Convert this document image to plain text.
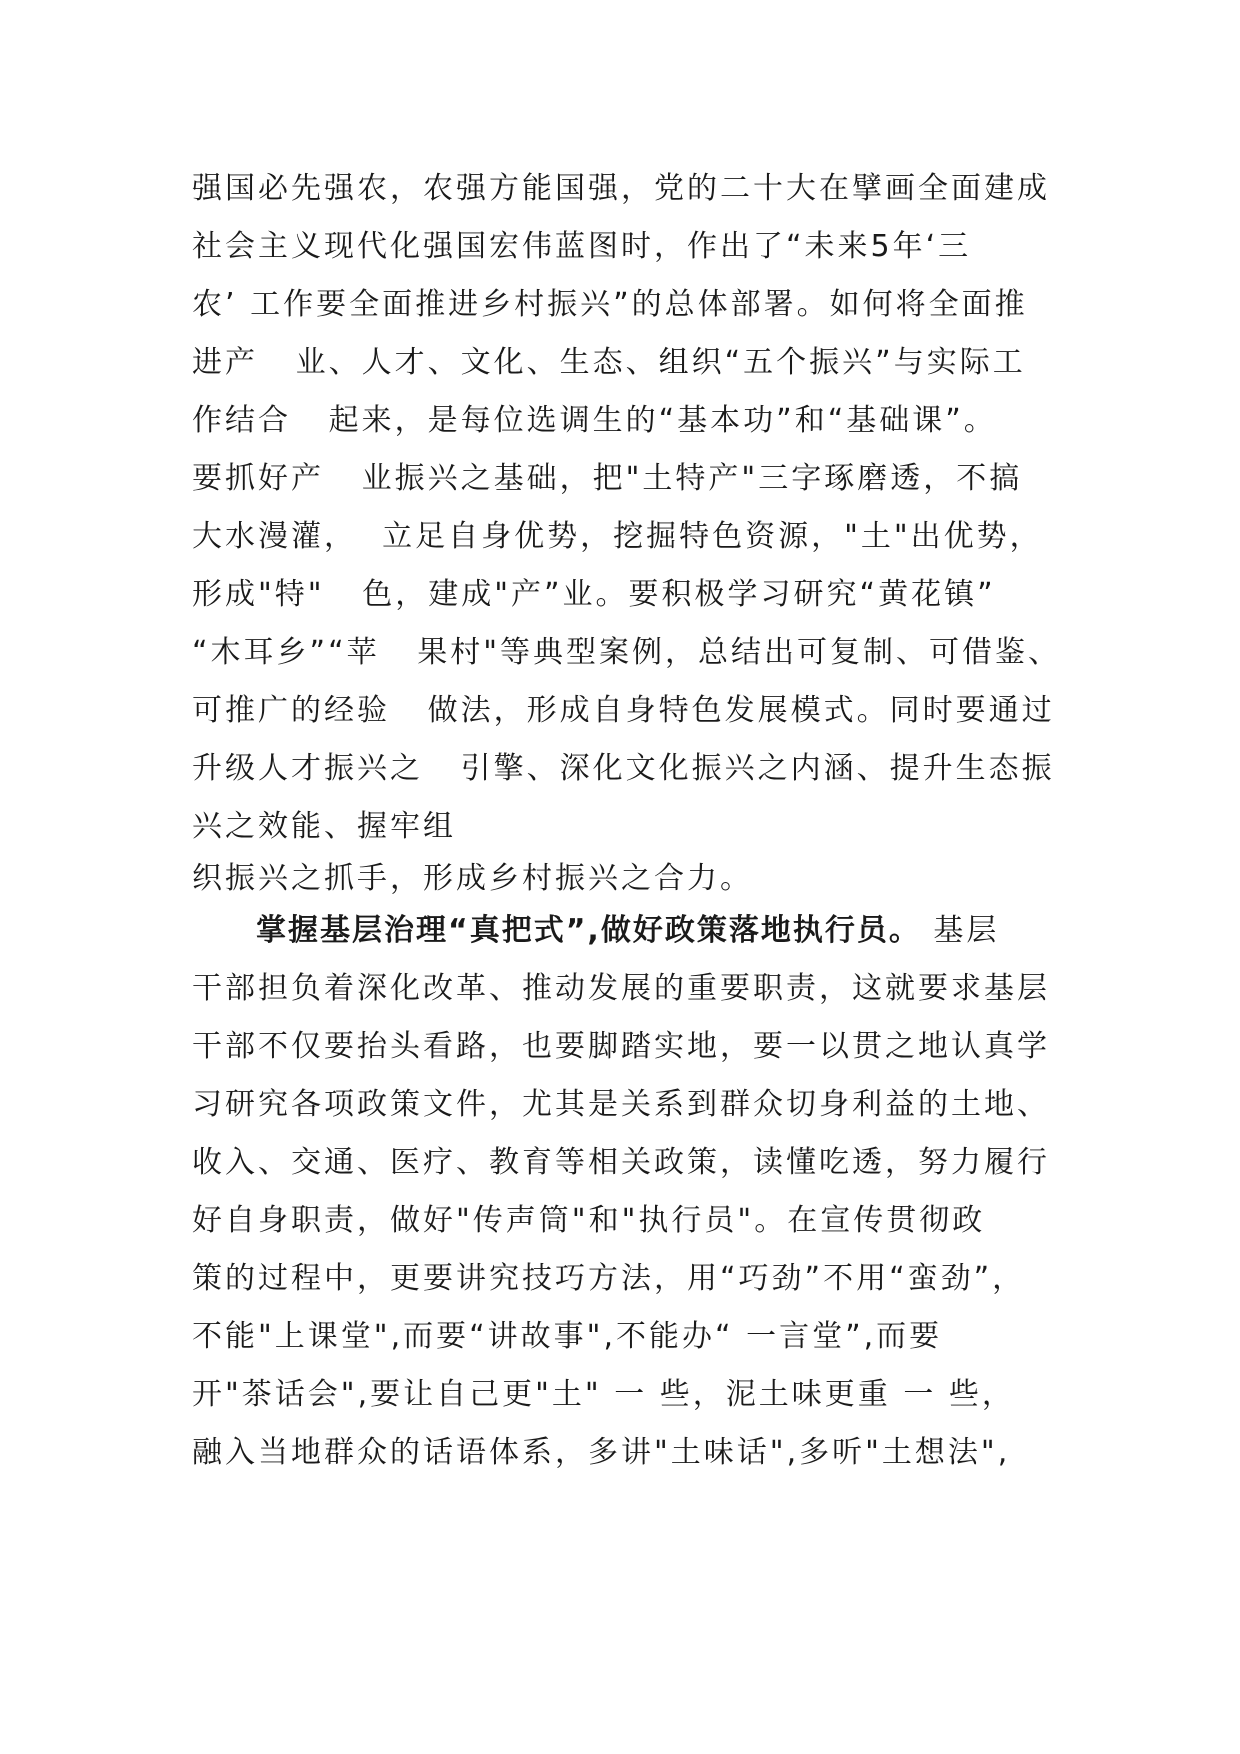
强国必先强农，农强方能国强，党的二十大在擘画全面建成
社会主义现代化强国宏伟蓝图时，作出了“未来5年‘三
农’ 工作要全面推进乡村振兴”的总体部署。如何将全面推
进产   业、人才、文化、生态、组织“五个振兴”与实际工
作结合   起来，是每位选调生的“基本功”和“基础课”。
要抓好产   业振兴之基础，把"土特产"三字琢磨透，不搞
大水漫灌，  立足自身优势，挖掘特色资源，"土"出优势，
形成"特"   色，建成"产”业。要积极学习研究“黄花镇”
“木耳乡”“苹   果村"等典型案例，总结出可复制、可借鉴、
可推广的经验   做法，形成自身特色发展模式。同时要通过
升级人才振兴之   引擎、深化文化振兴之内涵、提升生态振
兴之效能、握牢组
织振兴之抓手，形成乡村振兴之合力。
掌握基层治理“真把式”,做好政策落地执行员。 基层
干部担负着深化改革、推动发展的重要职责，这就要求基层
干部不仅要抬头看路，也要脚踏实地，要一以贯之地认真学
习研究各项政策文件，尤其是关系到群众切身利益的土地、
收入、交通、医疗、教育等相关政策，读懂吃透，努力履行
好自身职责，做好"传声筒"和"执行员"。在宣传贯彻政
策的过程中，更要讲究技巧方法，用“巧劲”不用“蛮劲”，
不能"上课堂",而要“讲故事",不能办“ 一言堂”,而要
开"茶话会",要让自己更"土" 一 些，泥土味更重 一 些，
融入当地群众的话语体系，多讲"土味话",多听"土想法",
